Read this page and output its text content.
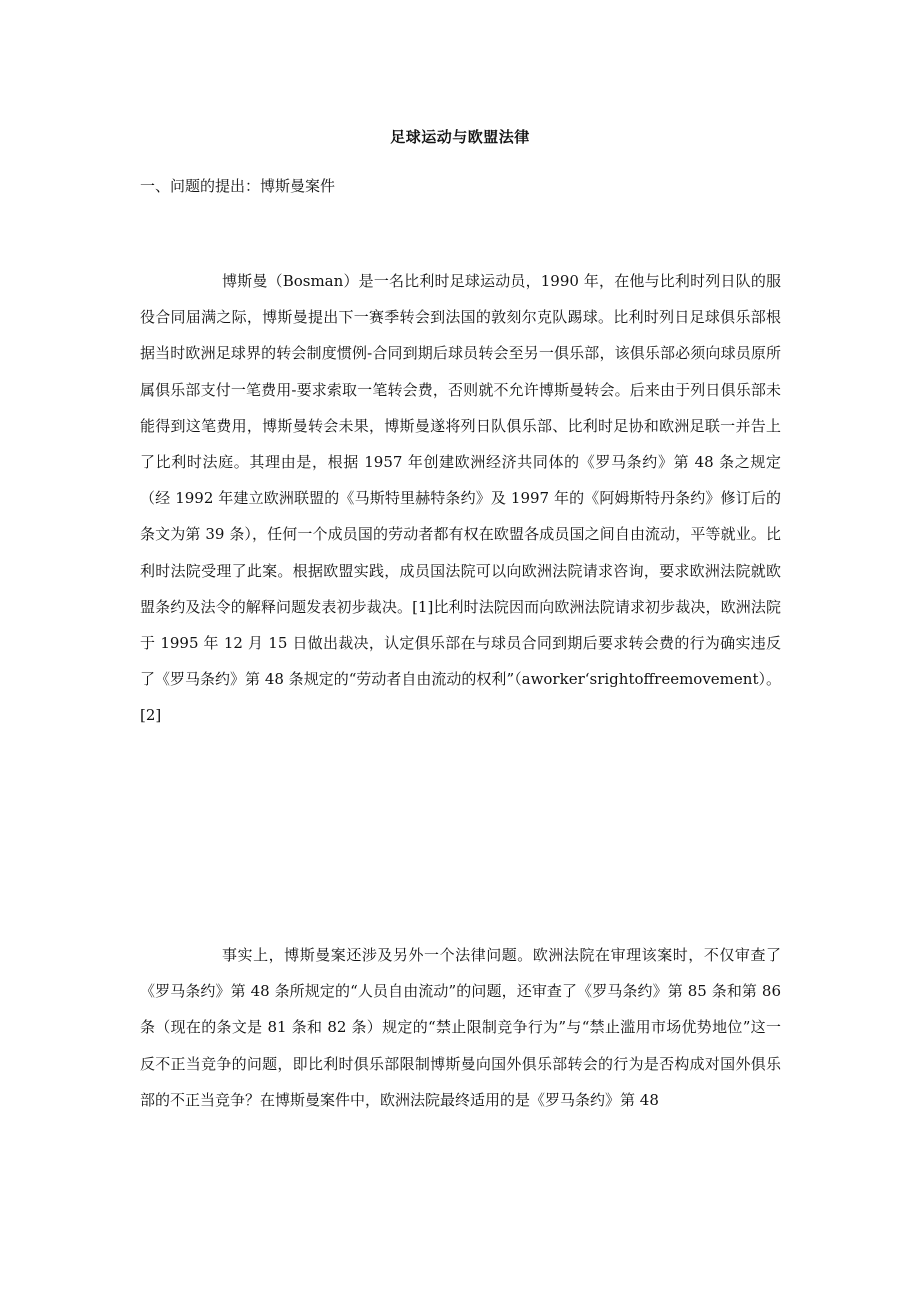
足球运动与欧盟法律
一、问题的提出：博斯曼案件

博斯曼（Bosman）是一名比利时足球运动员，1990 年，在他与比利时列日队的服役合同届满之际，博斯曼提出下一赛季转会到法国的敦刻尔克队踢球。比利时列日足球俱乐部根据当时欧洲足球界的转会制度惯例-合同到期后球员转会至另一俱乐部，该俱乐部必须向球员原所属俱乐部支付一笔费用-要求索取一笔转会费，否则就不允许博斯曼转会。后来由于列日俱乐部未能得到这笔费用，博斯曼转会未果，博斯曼遂将列日队俱乐部、比利时足协和欧洲足联一并告上了比利时法庭。其理由是，根据 1957 年创建欧洲经济共同体的《罗马条约》第 48 条之规定（经 1992 年建立欧洲联盟的《马斯特里赫特条约》及 1997 年的《阿姆斯特丹条约》修订后的条文为第 39 条），任何一个成员国的劳动者都有权在欧盟各成员国之间自由流动，平等就业。比利时法院受理了此案。根据欧盟实践，成员国法院可以向欧洲法院请求咨询，要求欧洲法院就欧盟条约及法令的解释问题发表初步裁决。[1]比利时法院因而向欧洲法院请求初步裁决，欧洲法院于 1995 年 12 月 15 日做出裁决，认定俱乐部在与球员合同到期后要求转会费的行为确实违反了《罗马条约》第 48 条规定的“劳动者自由流动的权利”（aworker‘srightoffreemovement）。[2]

事实上，博斯曼案还涉及另外一个法律问题。欧洲法院在审理该案时，不仅审查了《罗马条约》第 48 条所规定的“人员自由流动”的问题，还审查了《罗马条约》第 85 条和第 86 条（现在的条文是 81 条和 82 条）规定的“禁止限制竞争行为”与“禁止滥用市场优势地位”这一反不正当竞争的问题，即比利时俱乐部限制博斯曼向国外俱乐部转会的行为是否构成对国外俱乐部的不正当竞争？在博斯曼案件中，欧洲法院最终适用的是《罗马条约》第 48
